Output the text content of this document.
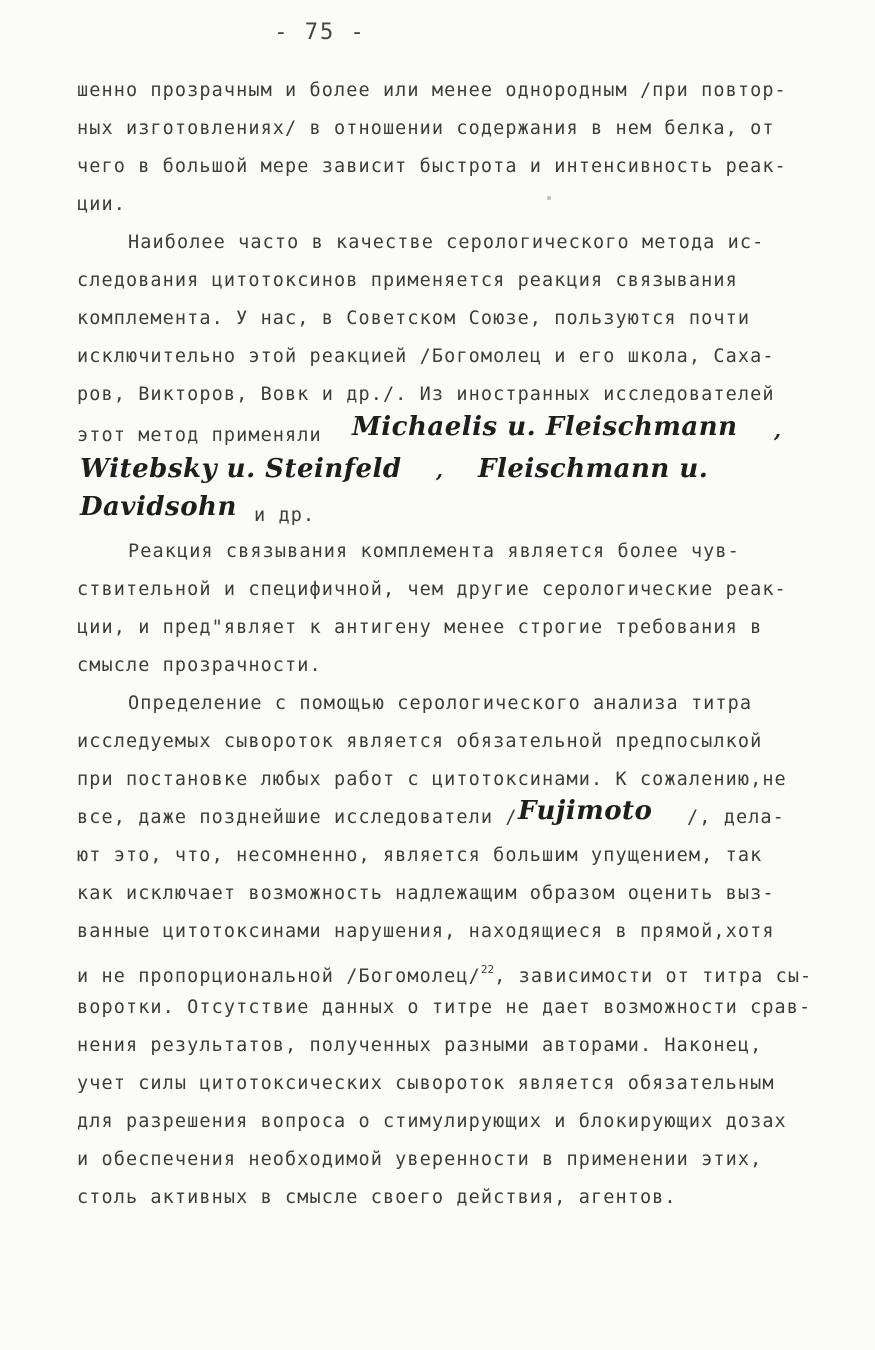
- 75 -
шенно прозрачным и более или менее однородным /при повтор-
ных изготовлениях/ в отношении содержания в нем белка, от
чего в большой мере зависит быстрота и интенсивность реак-
ции.
Наиболее часто в качестве серологического метода ис-
следования цитотоксинов применяется реакция связывания
комплемента. У нас, в Советском Союзе, пользуются почти
исключительно этой реакцией /Богомолец и его школа, Саха-
ров, Викторов, Вовк и др./. Из иностранных исследователей
этот метод применяли Michaelis u. Fleischmann ,
Witebsky u. Steinfeld , Fleischmann u.
Davidsohn и др.
Реакция связывания комплемента является более чув-
ствительной и специфичной, чем другие серологические реак-
ции, и пред"являет к антигену менее строгие требования в
смысле прозрачности.
Определение с помощью серологического анализа титра
исследуемых сывороток является обязательной предпосылкой
при постановке любых работ с цитотоксинами. К сожалению,не
все, даже позднейшие исследователи / Fujimoto /, дела-
ют это, что, несомненно, является большим упущением, так
как исключает возможность надлежащим образом оценить выз-
ванные цитотоксинами нарушения, находящиеся в прямой,хотя
и не пропорциональной /Богомолец/$^{22}$, зависимости от титра сы-
воротки. Отсутствие данных о титре не дает возможности срав-
нения результатов, полученных разными авторами. Наконец,
учет силы цитотоксических сывороток является обязательным
для разрешения вопроса о стимулирующих и блокирующих дозах
и обеспечения необходимой уверенности в применении этих,
столь активных в смысле своего действия, агентов.
